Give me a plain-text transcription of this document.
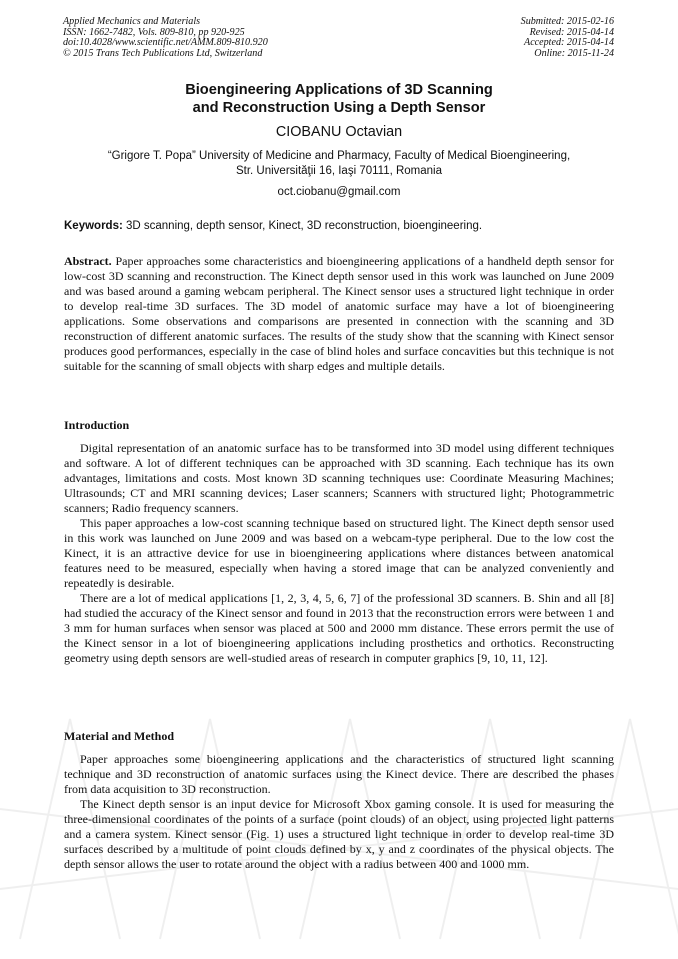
Applied Mechanics and Materials
ISSN: 1662-7482, Vols. 809-810, pp 920-925
doi:10.4028/www.scientific.net/AMM.809-810.920
© 2015 Trans Tech Publications Ltd, Switzerland
Submitted: 2015-02-16
Revised: 2015-04-14
Accepted: 2015-04-14
Online: 2015-11-24
Bioengineering Applications of 3D Scanning
and Reconstruction Using a Depth Sensor
CIOBANU Octavian
“Grigore T. Popa” University of Medicine and Pharmacy, Faculty of Medical Bioengineering,
Str. Universităţii 16, Iaşi 70111, Romania
oct.ciobanu@gmail.com
Keywords: 3D scanning, depth sensor, Kinect, 3D reconstruction, bioengineering.
Abstract. Paper approaches some characteristics and bioengineering applications of a handheld depth sensor for low-cost 3D scanning and reconstruction. The Kinect depth sensor used in this work was launched on June 2009 and was based around a gaming webcam peripheral. The Kinect sensor uses a structured light technique in order to develop real-time 3D surfaces. The 3D model of anatomic surface may have a lot of bioengineering applications. Some observations and comparisons are presented in connection with the scanning and 3D reconstruction of different anatomic surfaces. The results of the study show that the scanning with Kinect sensor produces good performances, especially in the case of blind holes and surface concavities but this technique is not suitable for the scanning of small objects with sharp edges and multiple details.
Introduction

Digital representation of an anatomic surface has to be transformed into 3D model using different techniques and software. A lot of different techniques can be approached with 3D scanning. Each technique has its own advantages, limitations and costs. Most known 3D scanning techniques use: Coordinate Measuring Machines; Ultrasounds; CT and MRI scanning devices; Laser scanners; Scanners with structured light; Photogrammetric scanners; Radio frequency scanners.

This paper approaches a low-cost scanning technique based on structured light. The Kinect depth sensor used in this work was launched on June 2009 and was based on a webcam-type peripheral. Due to the low cost the Kinect, it is an attractive device for use in bioengineering applications where distances between anatomical features need to be measured, especially when having a stored image that can be analyzed conveniently and repeatedly is desirable.

There are a lot of medical applications [1, 2, 3, 4, 5, 6, 7] of the professional 3D scanners. B. Shin and all [8] had studied the accuracy of the Kinect sensor and found in 2013 that the reconstruction errors were between 1 and 3 mm for human surfaces when sensor was placed at 500 and 2000 mm distance. These errors permit the use of the Kinect sensor in a lot of bioengineering applications including prosthetics and orthotics. Reconstructing geometry using depth sensors are well-studied areas of research in computer graphics [9, 10, 11, 12].

Material and Method

Paper approaches some bioengineering applications and the characteristics of structured light scanning technique and 3D reconstruction of anatomic surfaces using the Kinect device. There are described the phases from data acquisition to 3D reconstruction.

The Kinect depth sensor is an input device for Microsoft Xbox gaming console. It is used for measuring the three-dimensional coordinates of the points of a surface (point clouds) of an object, using projected light patterns and a camera system. Kinect sensor (Fig. 1) uses a structured light technique in order to develop real-time 3D surfaces described by a multitude of point clouds defined by x, y and z coordinates of the physical objects. The depth sensor allows the user to rotate around the object with a radius between 400 and 1000 mm.
